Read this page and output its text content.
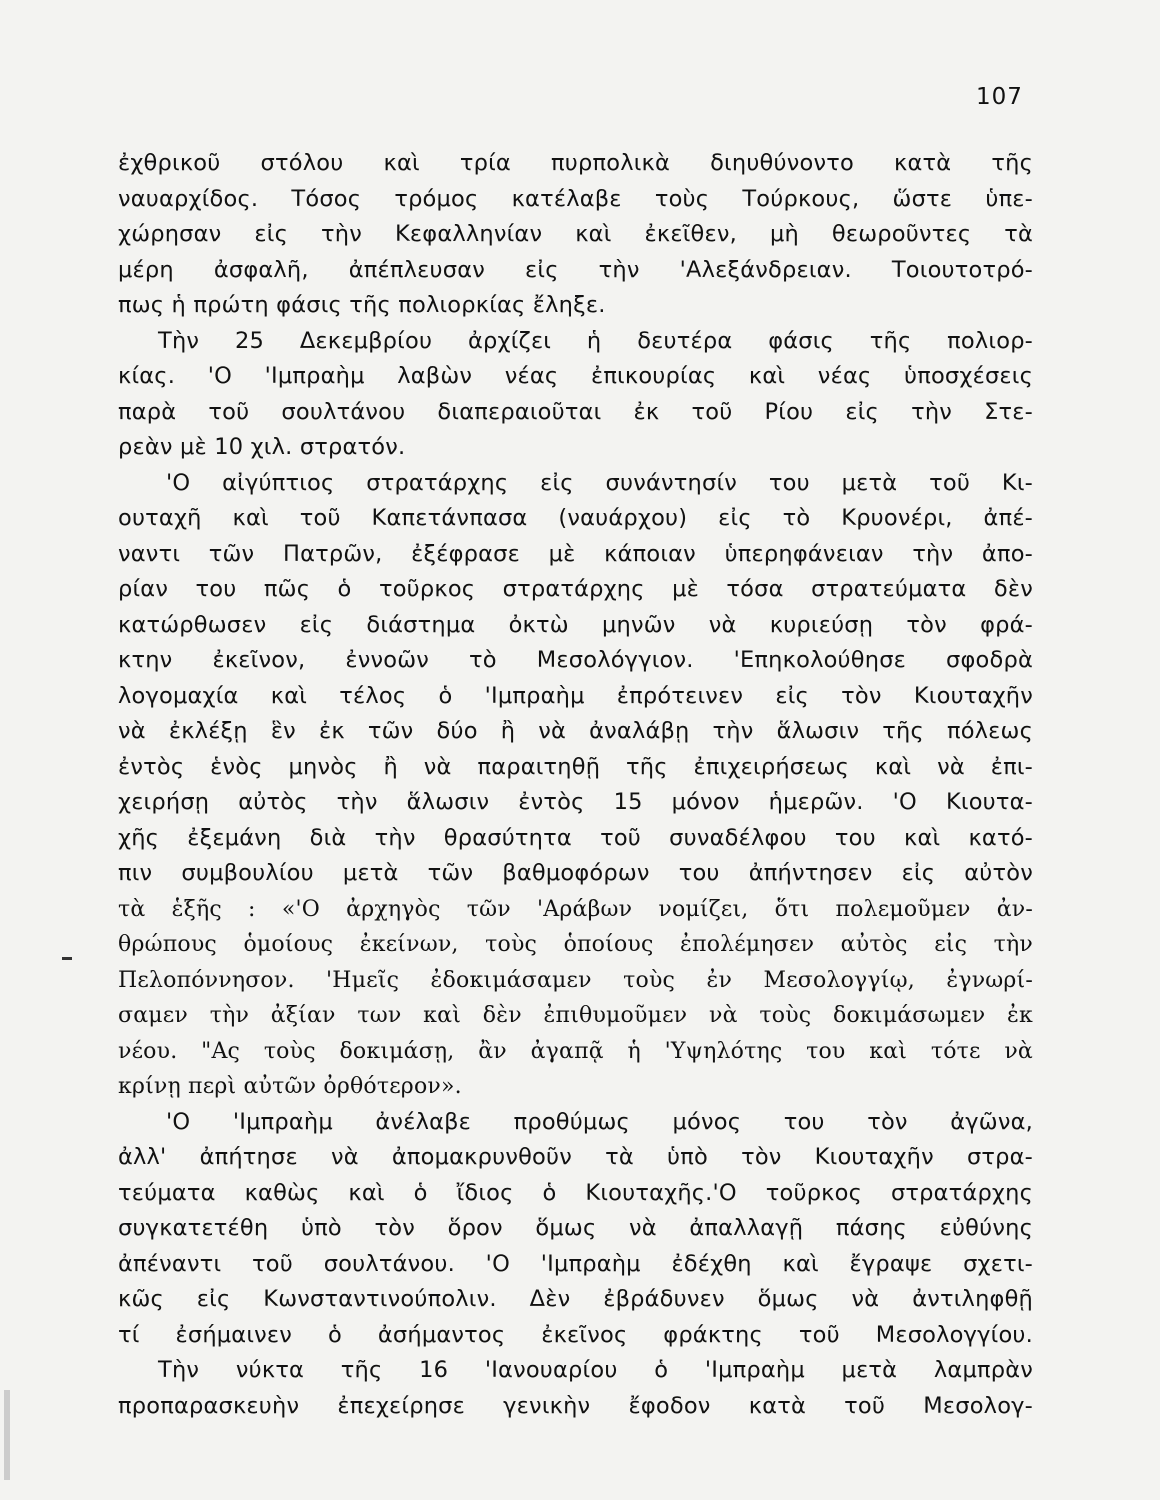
107
ἐχθρικοῦ στόλου καὶ τρία πυρπολικὰ διηυθύνοντο κατὰ τῆς
ναυαρχίδος. Τόσος τρόμος κατέλαβε τοὺς Τούρκους, ὥστε ὑπε-
χώρησαν εἰς τὴν Κεφαλληνίαν καὶ ἐκεῖθεν, μὴ θεωροῦντες τὰ
μέρη ἀσφαλῆ, ἀπέπλευσαν εἰς τὴν 'Αλεξάνδρειαν. Τοιουτοτρό-
πως ἡ πρώτη φάσις τῆς πολιορκίας ἔληξε.
Τὴν 25 Δεκεμβρίου ἀρχίζει ἡ δευτέρα φάσις τῆς πολιορ-
κίας. 'Ο 'Ιμπραὴμ λαβὼν νέας ἐπικουρίας καὶ νέας ὑποσχέσεις
παρὰ τοῦ σουλτάνου διαπεραιοῦται ἐκ τοῦ Ρίου εἰς τὴν Στε-
ρεὰν μὲ 10 χιλ. στρατόν.
'Ο αἰγύπτιος στρατάρχης εἰς συνάντησίν του μετὰ τοῦ Κι-
ουταχῆ καὶ τοῦ Καπετάνπασα (ναυάρχου) εἰς τὸ Κρυονέρι, ἀπέ-
ναντι τῶν Πατρῶν, ἐξέφρασε μὲ κάποιαν ὑπερηφάνειαν τὴν ἀπο-
ρίαν του πῶς ὁ τοῦρκος στρατάρχης μὲ τόσα στρατεύματα δὲν
κατώρθωσεν εἰς διάστημα ὀκτὼ μηνῶν νὰ κυριεύσῃ τὸν φρά-
κτην ἐκεῖνον, ἐννοῶν τὸ Μεσολόγγιον. 'Επηκολούθησε σφοδρὰ
λογομαχία καὶ τέλος ὁ 'Ιμπραὴμ ἐπρότεινεν εἰς τὸν Κιουταχῆν
νὰ ἐκλέξῃ ἓν ἐκ τῶν δύο ἢ νὰ ἀναλάβῃ τὴν ἅλωσιν τῆς πόλεως
ἐντὸς ἑνὸς μηνὸς ἢ νὰ παραιτηθῇ τῆς ἐπιχειρήσεως καὶ νὰ ἐπι-
χειρήσῃ αὐτὸς τὴν ἅλωσιν ἐντὸς 15 μόνον ἡμερῶν. 'Ο Κιουτα-
χῆς ἐξεμάνη διὰ τὴν θρασύτητα τοῦ συναδέλφου του καὶ κατό-
πιν συμβουλίου μετὰ τῶν βαθμοφόρων του ἀπήντησεν εἰς αὐτὸν
τὰ ἑξῆς : «'Ο ἀρχηγὸς τῶν 'Αράβων νομίζει, ὅτι πολεμοῦμεν ἀν-
θρώπους ὁμοίους ἐκείνων, τοὺς ὁποίους ἐπολέμησεν αὐτὸς εἰς τὴν
Πελοπόννησον. 'Ημεῖς ἐδοκιμάσαμεν τοὺς ἐν Μεσολογγίῳ, ἐγνωρί-
σαμεν τὴν ἀξίαν των καὶ δὲν ἐπιθυμοῦμεν νὰ τοὺς δοκιμάσωμεν ἐκ
νέου. "Ας τοὺς δοκιμάσῃ, ἂν ἀγαπᾷ ἡ 'Υψηλότης του καὶ τότε νὰ
κρίνῃ περὶ αὐτῶν ὀρθότερον».
'Ο 'Ιμπραὴμ ἀνέλαβε προθύμως μόνος του τὸν ἀγῶνα,
ἀλλ' ἀπήτησε νὰ ἀπομακρυνθοῦν τὰ ὑπὸ τὸν Κιουταχῆν στρα-
τεύματα καθὼς καὶ ὁ ἴδιος ὁ Κιουταχῆς.'Ο τοῦρκος στρατάρχης
συγκατετέθη ὑπὸ τὸν ὅρον ὅμως νὰ ἀπαλλαγῇ πάσης εὐθύνης
ἀπέναντι τοῦ σουλτάνου. 'Ο 'Ιμπραὴμ ἐδέχθη καὶ ἔγραψε σχετι-
κῶς εἰς Κωνσταντινούπολιν. Δὲν ἐβράδυνεν ὅμως νὰ ἀντιληφθῇ
τί ἐσήμαινεν ὁ ἀσήμαντος ἐκεῖνος φράκτης τοῦ Μεσολογγίου.
Τὴν νύκτα τῆς 16 'Ιανουαρίου ὁ 'Ιμπραὴμ μετὰ λαμπρὰν
προπαρασκευὴν ἐπεχείρησε γενικὴν ἔφοδον κατὰ τοῦ Μεσολογ-
